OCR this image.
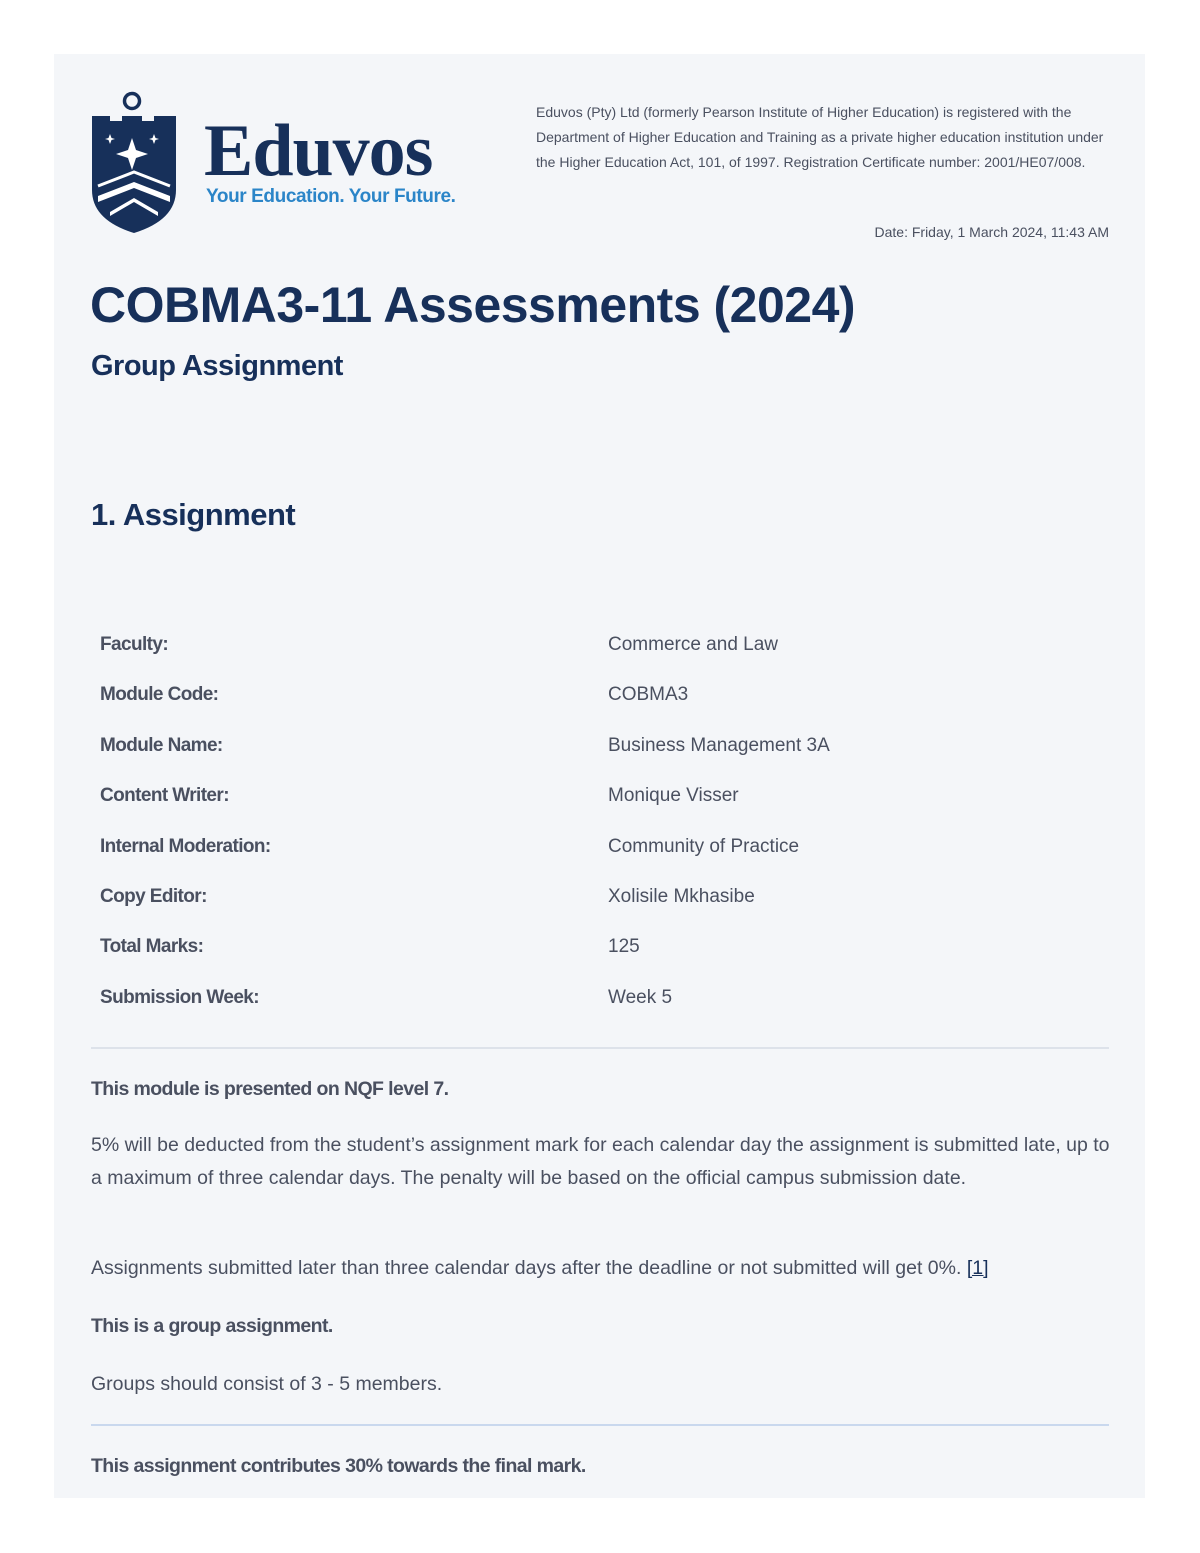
Eduvos
Your Education. Your Future.
Eduvos (Pty) Ltd (formerly Pearson Institute of Higher Education) is registered with the Department of Higher Education and Training as a private higher education institution under the Higher Education Act, 101, of 1997. Registration Certificate number: 2001/HE07/008.
Date: Friday, 1 March 2024, 11:43 AM
COBMA3-11 Assessments (2024)
Group Assignment
1. Assignment
Faculty:	Commerce and Law
Module Code:	COBMA3
Module Name:	Business Management 3A
Content Writer:	Monique Visser
Internal Moderation:	Community of Practice
Copy Editor:	Xolisile Mkhasibe
Total Marks:	125
Submission Week:	Week 5

This module is presented on NQF level 7.

5% will be deducted from the student’s assignment mark for each calendar day the assignment is submitted late, up to a maximum of three calendar days. The penalty will be based on the official campus submission date.

Assignments submitted later than three calendar days after the deadline or not submitted will get 0%. [1]

This is a group assignment.

Groups should consist of 3 - 5 members.

This assignment contributes 30% towards the final mark.
